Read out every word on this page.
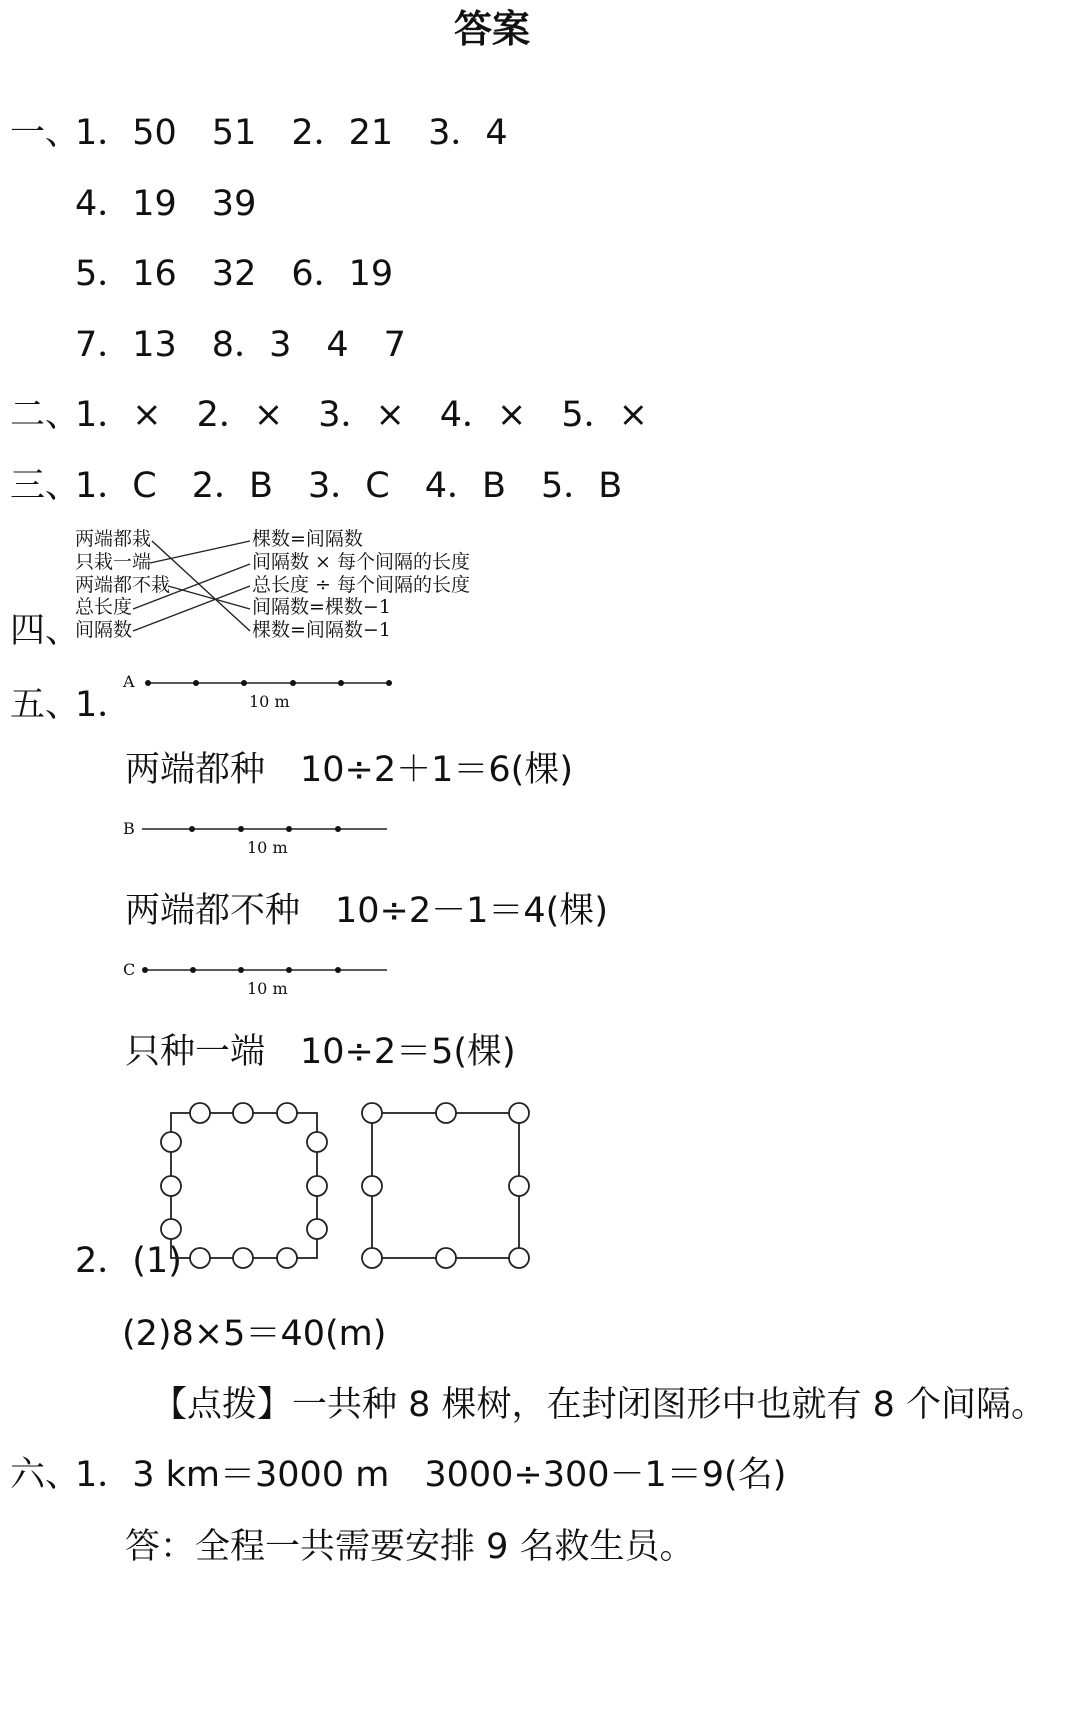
答案
一、
1．50　51　2．21　3．4
4．19　39
5．16　32　6．19
7．13　8．3　4　7
二、
1．×　2．×　3．×　4．×　5．×
三、
1．C　2．B　3．C　4．B　5．B
四、
两端都栽
只栽一端
两端都不栽
总长度
间隔数
棵数=间隔数
间隔数 × 每个间隔的长度
总长度 ÷ 每个间隔的长度
间隔数=棵数−1
棵数=间隔数−1
五、
1．
A
10 m
两端都种　10÷2＋1＝6(棵)
B
10 m
两端都不种　10÷2－1＝4(棵)
C
10 m
只种一端　10÷2＝5(棵)
2．(1)
(2)8×5＝40(m)
【点拨】一共种 8 棵树，在封闭图形中也就有 8 个间隔。
六、
1．3 km＝3000 m　3000÷300－1＝9(名)
答：全程一共需要安排 9 名救生员。
